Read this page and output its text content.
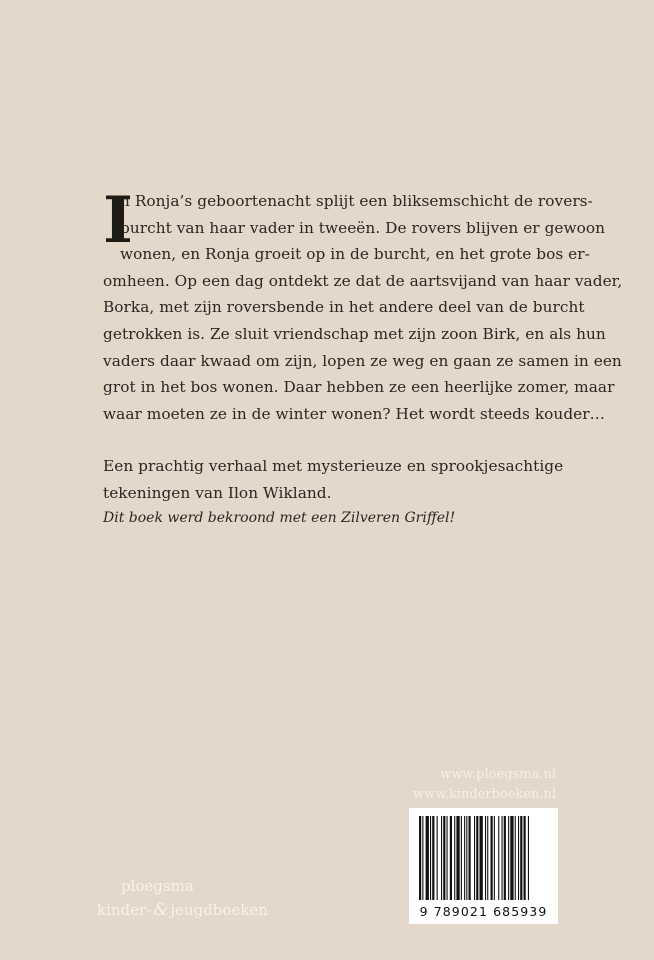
I
n Ronja’s geboortenacht splijt een bliksemschicht de rovers-
burcht van haar vader in tweeën. De rovers blijven er gewoon
wonen, en Ronja groeit op in de burcht, en het grote bos er-
omheen. Op een dag ontdekt ze dat de aartsvijand van haar vader,
Borka, met zijn roversbende in het andere deel van de burcht
getrokken is. Ze sluit vriendschap met zijn zoon Birk, en als hun
vaders daar kwaad om zijn, lopen ze weg en gaan ze samen in een
grot in het bos wonen. Daar hebben ze een heerlijke zomer, maar
waar moeten ze in de winter wonen? Het wordt steeds kouder…

Een prachtig verhaal met mysterieuze en sprookjesachtige
tekeningen van Ilon Wikland.

Dit boek werd bekroond met een Zilveren Griffel!
www.ploegsma.nl
www.kinderboeken.nl
9 789021 685939
ploegsma
kinder- & jeugdboeken
